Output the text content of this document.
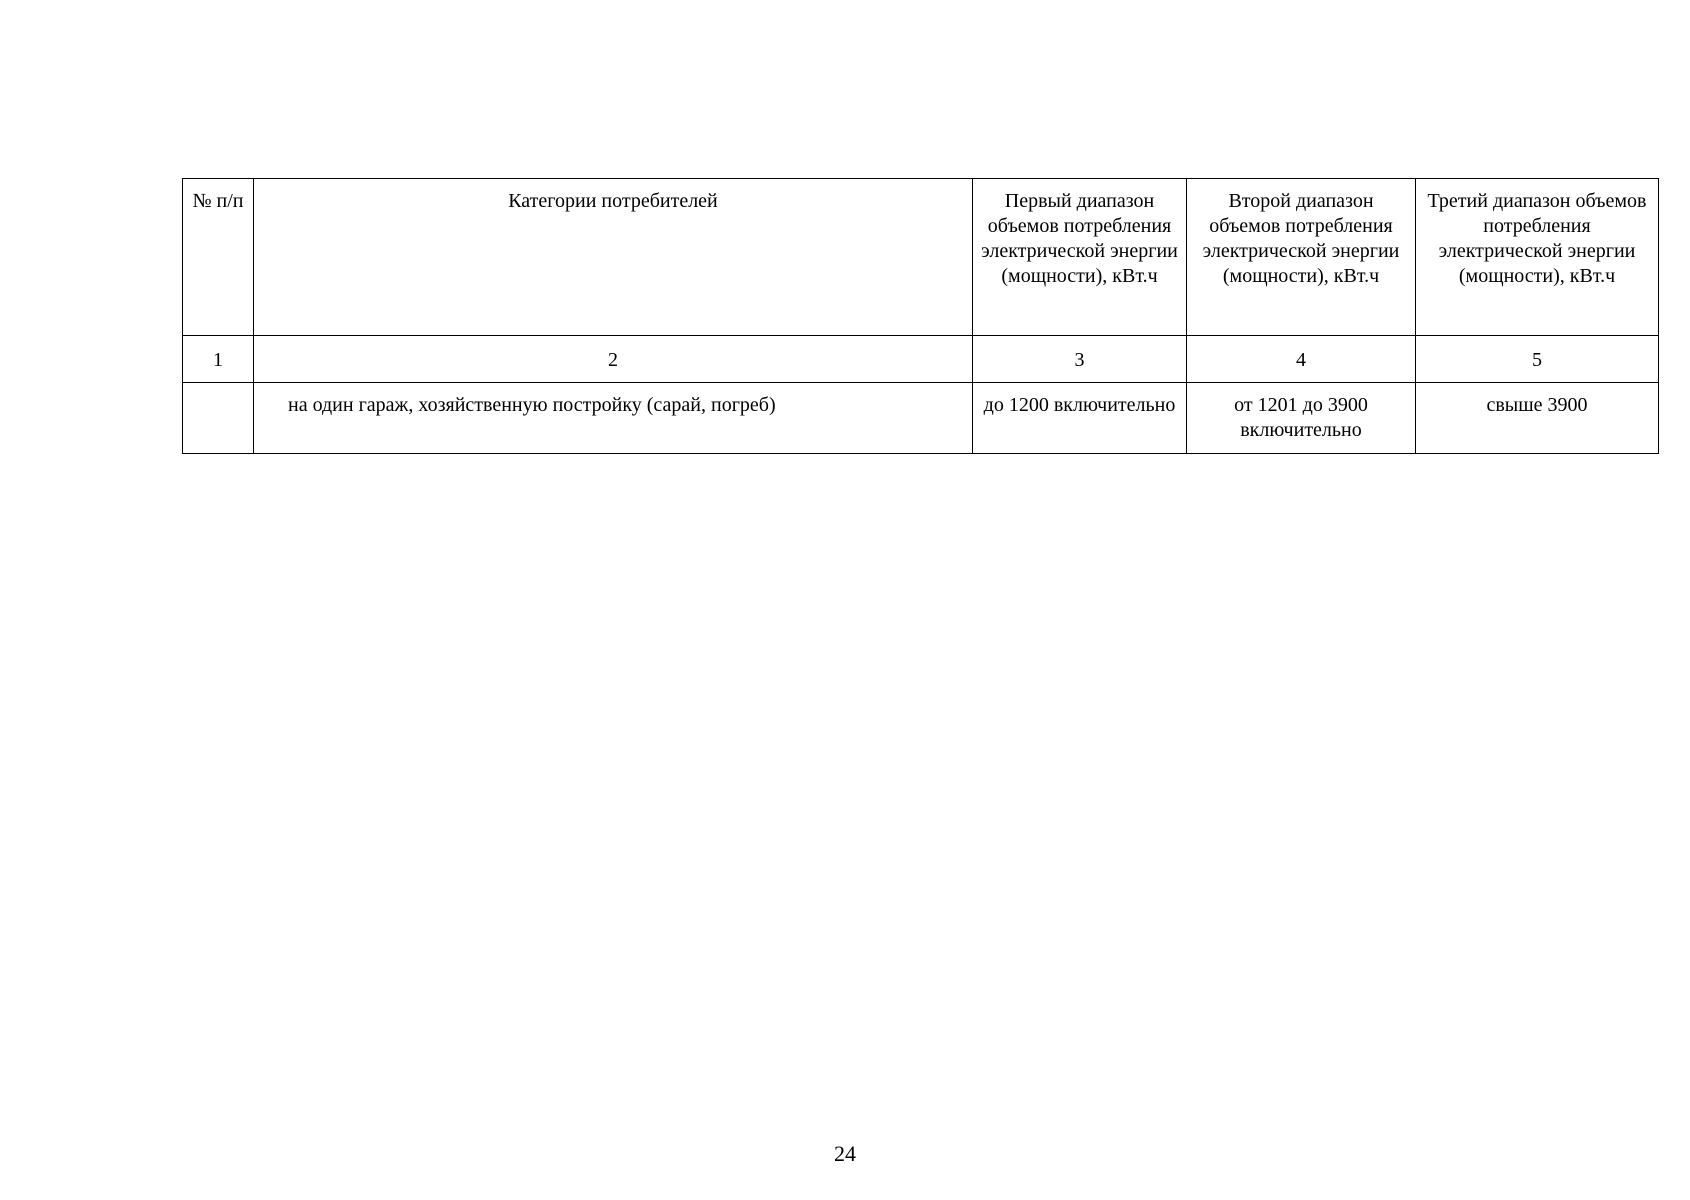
№ п/п	Категории потребителей	Первый диапазон объемов потребления электрической энергии (мощности), кВт.ч	Второй диапазон объемов потребления электрической энергии (мощности), кВт.ч	Третий диапазон объемов потребления электрической энергии (мощности), кВт.ч
1	2	3	4	5
	на один гараж, хозяйственную постройку (сарай, погреб)	до 1200 включительно	от 1201 до 3900 включительно	свыше 3900
24
